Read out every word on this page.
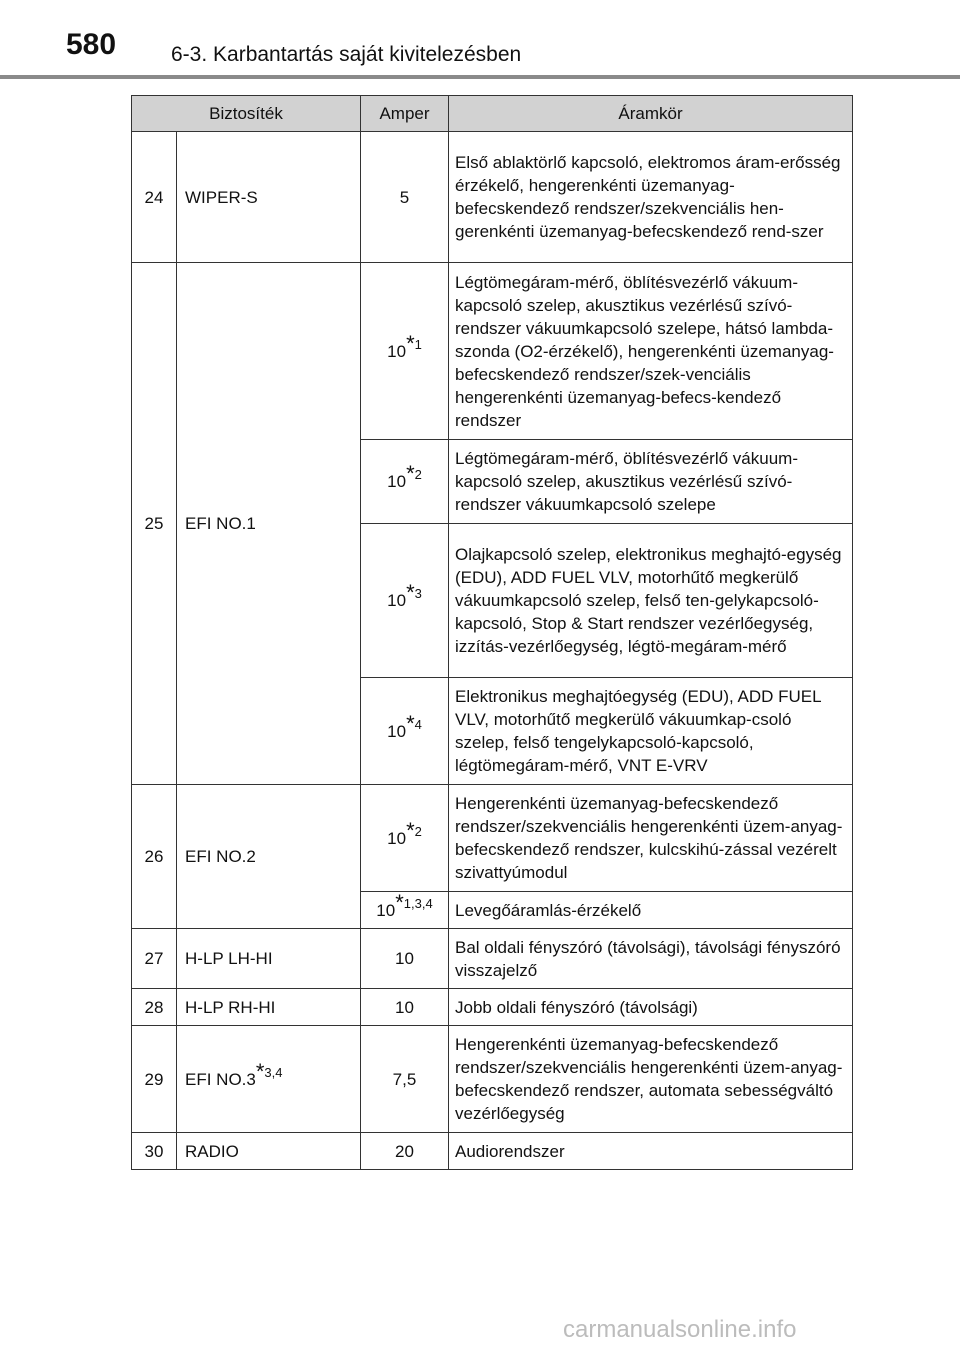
580	6-3. Karbantartás saját kivitelezésben
Biztosíték		Amper	Áramkör
24	WIPER-S	5	Első ablaktörlő kapcsoló, elektromos áram-erősség érzékelő, hengerenkénti üzemanyag-befecskendező rendszer/szekvenciális hen-gerenkénti üzemanyag-befecskendező rend-szer
25	EFI NO.1	10*$^1$	Légtömegáram-mérő, öblítésvezérlő vákuum-kapcsoló szelep, akusztikus vezérlésű szívó-rendszer vákuumkapcsoló szelepe, hátsó lambda-szonda (O2-érzékelő), hengerenkénti üzemanyag-befecskendező rendszer/szek-venciális hengerenkénti üzemanyag-befecs-kendező rendszer
		10*$^2$	Légtömegáram-mérő, öblítésvezérlő vákuum-kapcsoló szelep, akusztikus vezérlésű szívó-rendszer vákuumkapcsoló szelepe
		10*$^3$	Olajkapcsoló szelep, elektronikus meghajtó-egység (EDU), ADD FUEL VLV, motorhűtő megkerülő vákuumkapcsoló szelep, felső ten-gelykapcsoló-kapcsoló, Stop & Start rendszer vezérlőegység, izzítás-vezérlőegység, légtö-megáram-mérő
		10*$^4$	Elektronikus meghajtóegység (EDU), ADD FUEL VLV, motorhűtő megkerülő vákuumkap-csoló szelep, felső tengelykapcsoló-kapcsoló, légtömegáram-mérő, VNT E-VRV
26	EFI NO.2	10*$^2$	Hengerenkénti üzemanyag-befecskendező rendszer/szekvenciális hengerenkénti üzem-anyag-befecskendező rendszer, kulcskihú-zással vezérelt szivattyúmodul
		10*$^{1,3,4}$	Levegőáramlás-érzékelő
27	H-LP LH-HI	10	Bal oldali fényszóró (távolsági), távolsági fényszóró visszajelző
28	H-LP RH-HI	10	Jobb oldali fényszóró (távolsági)
29	EFI NO.3*$^{3,4}$	7,5	Hengerenkénti üzemanyag-befecskendező rendszer/szekvenciális hengerenkénti üzem-anyag-befecskendező rendszer, automata sebességváltó vezérlőegység
30	RADIO	20	Audiorendszer
carmanualsonline.info
